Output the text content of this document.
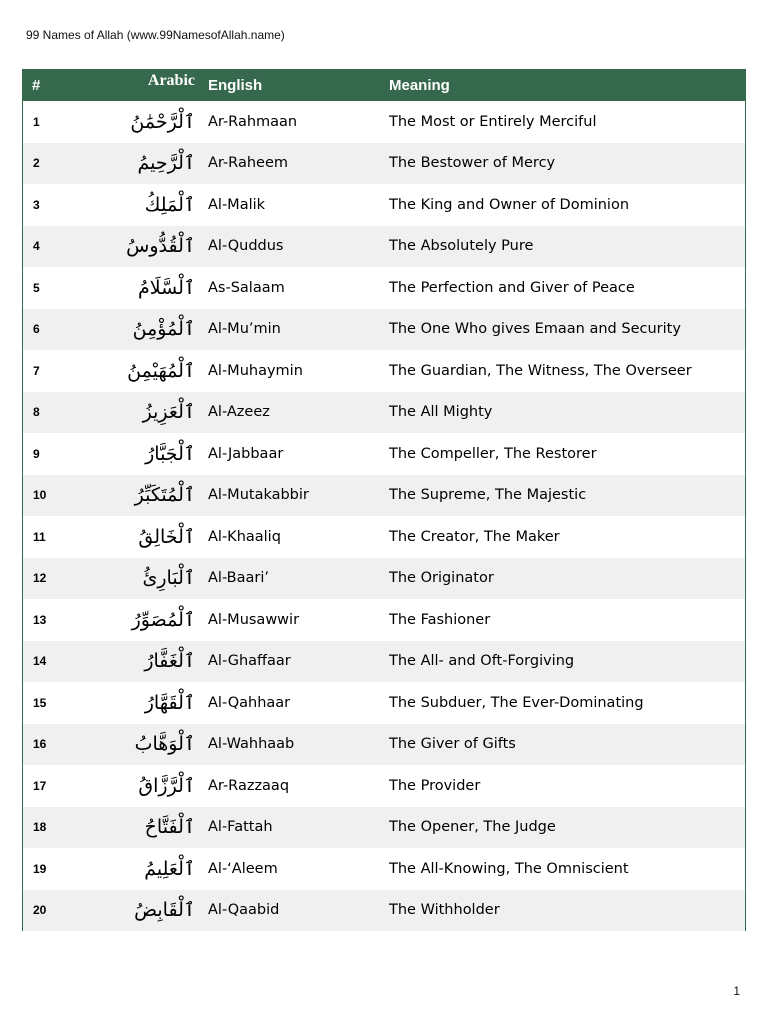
99 Names of Allah (www.99NamesofAllah.name)
#	Arabic	English	Meaning
1	ٱلْرَّحْمَٰنُ	Ar-Rahmaan	The Most or Entirely Merciful
2	ٱلْرَّحِيمُ	Ar-Raheem	The Bestower of Mercy
3	ٱلْمَلِكُ	Al-Malik	The King and Owner of Dominion
4	ٱلْقُدُّوسُ	Al-Quddus	The Absolutely Pure
5	ٱلْسَّلَامُ	As-Salaam	The Perfection and Giver of Peace
6	ٱلْمُؤْمِنُ	Al-Mu’min	The One Who gives Emaan and Security
7	ٱلْمُهَيْمِنُ	Al-Muhaymin	The Guardian, The Witness, The Overseer
8	ٱلْعَزِيزُ	Al-Azeez	The All Mighty
9	ٱلْجَبَّارُ	Al-Jabbaar	The Compeller, The Restorer
10	ٱلْمُتَكَبِّرُ	Al-Mutakabbir	The Supreme, The Majestic
11	ٱلْخَالِقُ	Al-Khaaliq	The Creator, The Maker
12	ٱلْبَارِئُ	Al-Baari’	The Originator
13	ٱلْمُصَوِّرُ	Al-Musawwir	The Fashioner
14	ٱلْغَفَّارُ	Al-Ghaffaar	The All- and Oft-Forgiving
15	ٱلْقَهَّارُ	Al-Qahhaar	The Subduer, The Ever-Dominating
16	ٱلْوَهَّابُ	Al-Wahhaab	The Giver of Gifts
17	ٱلْرَّزَّاقُ	Ar-Razzaaq	The Provider
18	ٱلْفَتَّاحُ	Al-Fattah	The Opener, The Judge
19	ٱلْعَلِيمُ	Al-‘Aleem	The All-Knowing, The Omniscient
20	ٱلْقَابِضُ	Al-Qaabid	The Withholder
1
